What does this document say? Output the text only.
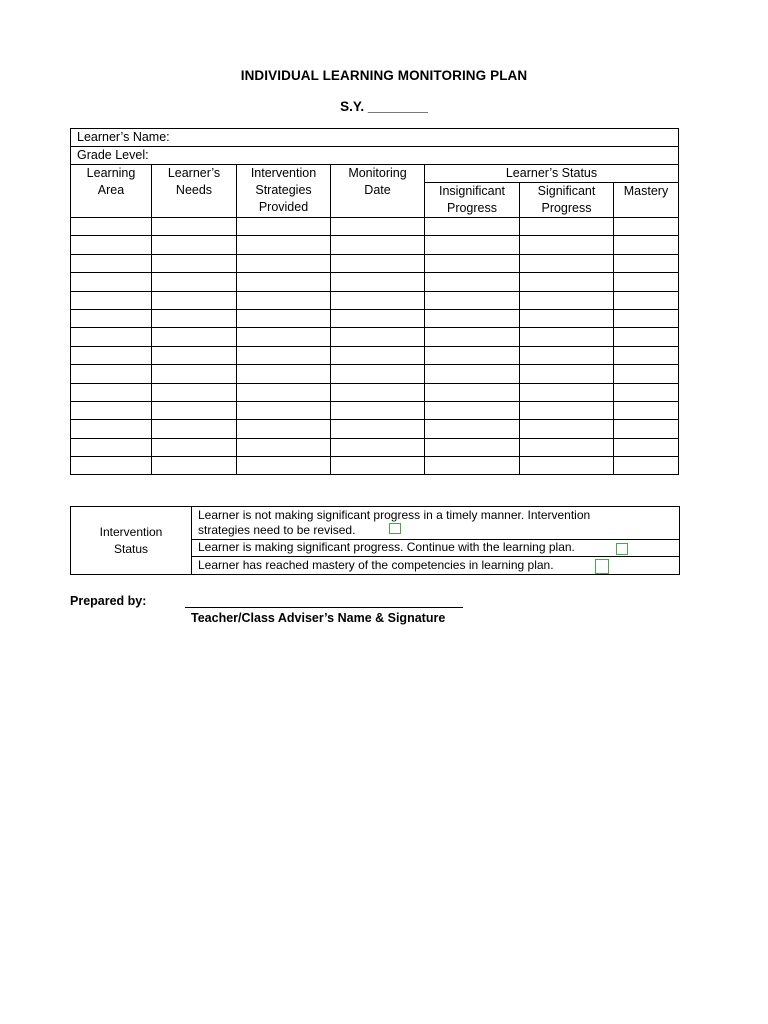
INDIVIDUAL LEARNING MONITORING PLAN
S.Y. ________
Learner’s Name:						
Grade Level:						
Learning Area	Learner’s Needs	Intervention Strategies Provided	Monitoring Date	Learner’s Status		
				Insignificant Progress	Significant Progress	Mastery

Intervention Status	Learner is not making significant progress in a timely manner. Intervention strategies need to be revised.

Learner is making significant progress. Continue with the learning plan.

Learner has reached mastery of the competencies in learning plan.
Prepared by:
Teacher/Class Adviser’s Name & Signature
